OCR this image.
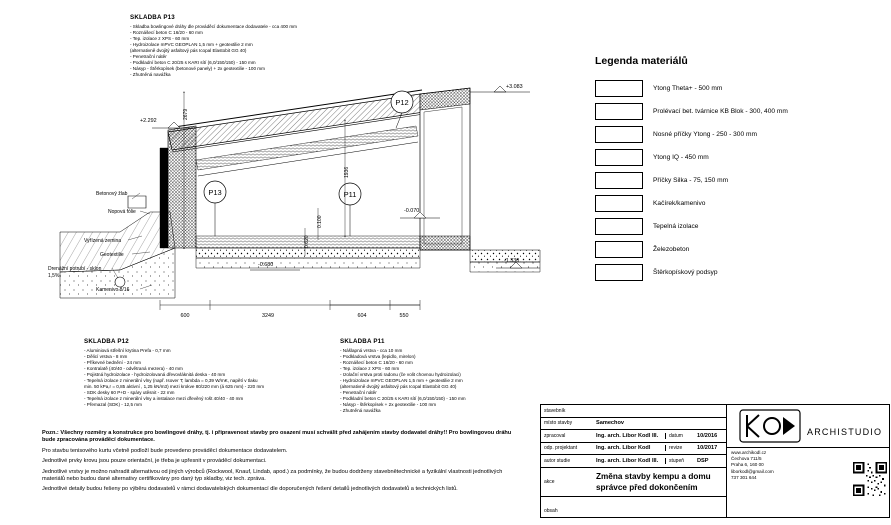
SKLADBA P13
- Skladba bowlingové dráhy dle prováděcí dokumentace dodavatele - cca 400 mm
- Roznášecí beton C 16/20 - 60 mm
- Tep. izolace z XPS - 60 mm
- Hydroizolace mPVC GEOPLAN 1,5 mm + geotextilie 2 mm
(alternativně dvojitý asfaltový pás Icopal Elastobit GG 40)
- Penetrační nátěr
- Podkladní beton C 20/25 s KARI sítí (6,0/150/150) - 150 mm
- Násyp - Štěrkopísek (betonové panely) + 2x geotextilie - 100 mm
- Zhutněná navážka
SKLADBA P12
- Aluminiová střešní krytina Prefa - 0,7 mm
- Dělicí vrstva - 8 mm
- Příkevné bednění - 24 mm
- Kontralatě (40/40 - odvětraná mezera) - 40 mm
- Pojistná hydroizolace - hydroizolovaná dřevovláknitá deska - 40 mm
- Tepelná izolace z minerální vlny (např. Isover T; lambda = 0,39 W/mK, napětí v tlaku
min. 50 kPa,r = 0,85 aktivní , 1,25 kN/m3) mezi krokve 80/220 mm (á 625 mm) - 220 mm
- SDK desky 60 P+D - spáry utěsnit - 22 mm
- Tepelná izolace z minerální vlny a instalace mezi dřevěný rošt 40/40 - 40 mm
- Přemazal (SDK) - 12,5 mm
SKLADBA P11
- Nášlapná vrstva - cca 10 mm
- Podkladová vrstva (lepidlo, mirelon)
- Roznášecí beton C 16/20 - 60 mm
- Tep. izolace z XPS - 60 mm
- Izolační vrstva proti radonu (če volit chovnou hydroizolaci)
- Hydroizolace mPVC GEOPLAN 1,5 mm + geotextilie 2 mm
(alternativně dvojitý asfaltový pás Icopal Elastobit GG 40)
- Penetrační nátěr
- Podkladní beton C 20/25 s KARI sítí (6,0/150/150) - 150 mm
- Násyp - štěrkopísek + 2x geotextilie - 100 mm
- Zhutněná navážka
P12
P13	P11
Betonový žlab
Nopová fólie
Vyřízená zemina
Geotextilie
Drenážní potrubí - sklon
1,5%
Kamenivo 8/16
+3.083
+2.292
-0.070
-1.330
-0.680
1936
2679
0.100
0.620
600	3249	604	550
Legenda materiálů
Ytong Theta+ - 500 mm
Prolévací bet. tvárnice KB Blok - 300, 400 mm
Nosné příčky Ytong - 250 - 300 mm
Ytong IQ - 450 mm
Příčky Silka - 75, 150 mm
Kačírek/kamenivo
Tepelná izolace
Železobeton
Štěrkopískový podsyp

Pozn.: Všechny rozměry a konstrukce pro bowlingové dráhy, tj. i připravenost stavby pro osazení musí schválit před zahájením stavby dodavatel dráhy!! Pro bowlingovou dráhu bude zpracována prováděcí dokumentace.

Pro stavbu tenisového kurtu včetně podloží bude provedeno prováděcí dokumentace dodavatelem.

Jednotlivé prvky krovu jsou pouze orientační, je třeba je upřesnit v prováděcí dokumentaci.

Jednotlivé vrstvy je možno nahradit alternativou od jiných výrobců (Rockwool, Knauf, Lindab, apod.) za podmínky, že budou dodrženy stavebnětechnické a fyzikální vlastnosti jednotlivých materiálů nebo budou dané alternativy certifikovány pro daný typ skladby, viz tech. zpráva.

Jednotlivé detaily budou řešeny po výběru dodavatelů v rámci dodavatelských dokumentací dle doporučených řešení detailů jednotlivých dodavatelů a technických listů.

stavebník
místo stavby	Samechov
zpracoval	Ing. arch. Libor Kodl III.	datum	10/2016
odp. projektant	Ing. arch. Libor Kodl	revize	10/2017
autor studie	Ing. arch. Libor Kodl III.	stupeň	DSP
akce
Změna stavby kempu a domu správce před dokončením
obsah
ARCHISTUDIO
www.archikodl.cz
Čechova 711/5
Praha 6, 160 00
liborkodl@gmail.com
737 301 644
